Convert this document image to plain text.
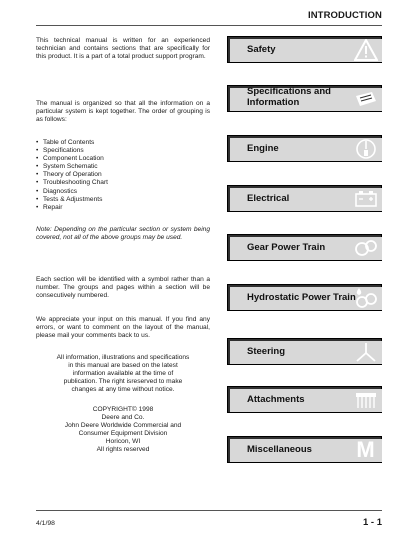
INTRODUCTION

This technical manual is written for an experienced technician and contains sections that are specifically for this product. It is a part of a total product support program.

The manual is organized so that all the information on a particular system is kept together. The order of grouping is as follows:

• Table of Contents
• Specifications
• Component Location
• System Schematic
• Theory of Operation
• Troubleshooting Chart
• Diagnostics
• Tests & Adjustments
• Repair

Note: Depending on the particular section or system being covered, not all of the above groups may be used.

Each section will be identified with a symbol rather than a number. The groups and pages within a section will be consecutively numbered.

We appreciate your input on this manual. If you find any errors, or want to comment on the layout of the manual, please mail your comments back to us.

All information, illustrations and specifications in this manual are based on the latest information available at the time of publication. The right isreserved to make changes at any time without notice.

COPYRIGHT© 1998
Deere and Co.
John Deere Worldwide Commercial and
Consumer Equipment Division
Horicon, WI
All rights reserved
Safety
Specifications and
Information
Engine
Electrical
Gear Power Train
Hydrostatic Power Train
Steering
Attachments
Miscellaneous M
4/1/98	1 - 1
